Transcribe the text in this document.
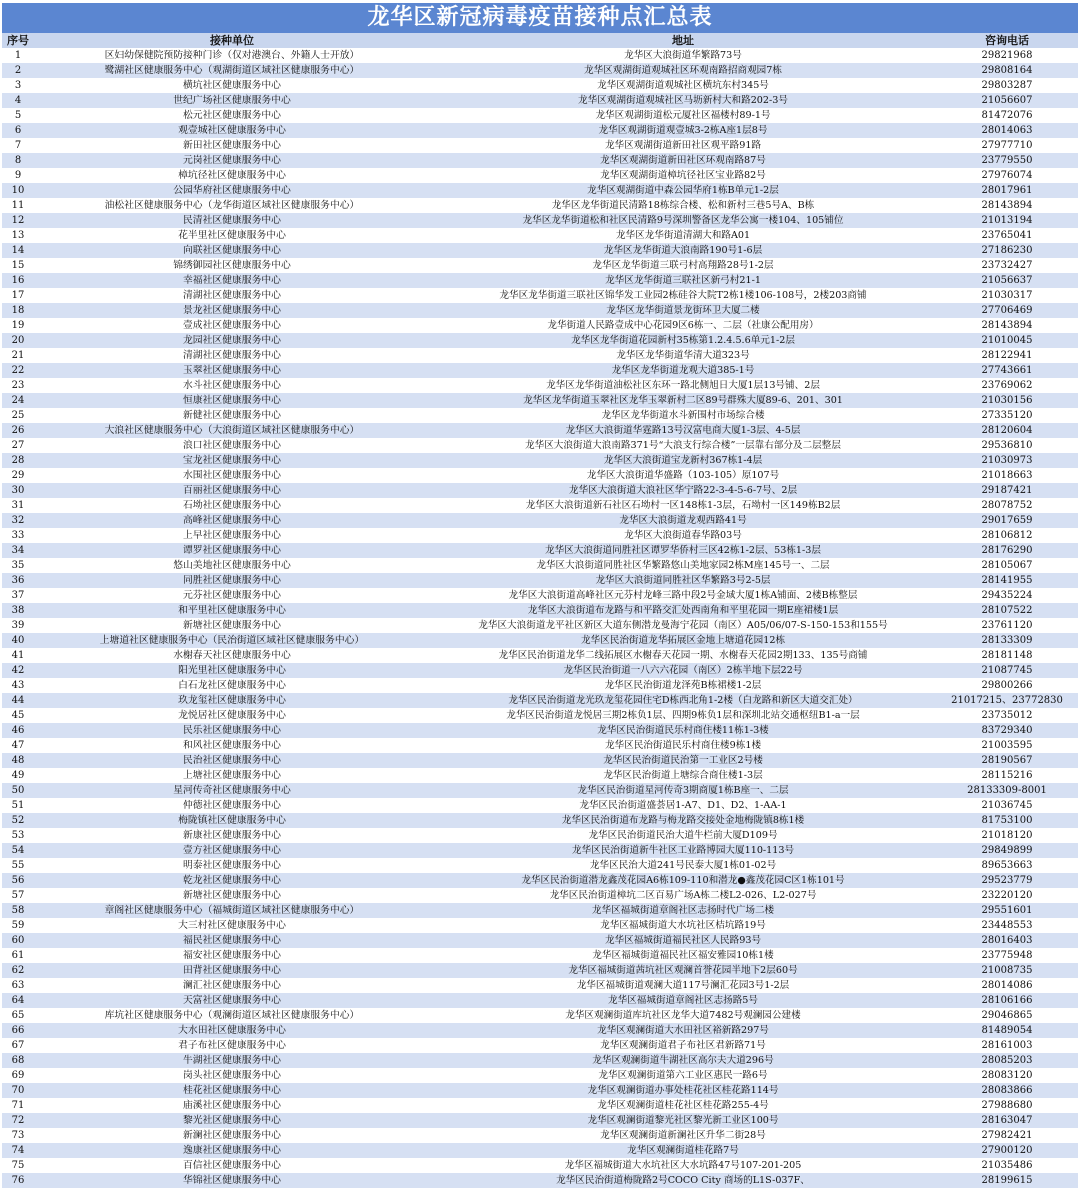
龙华区新冠病毒疫苗接种点汇总表
序号	接种单位	地址	咨询电话
1	区妇幼保健院预防接种门诊（仅对港澳台、外籍人士开放）	龙华区大浪街道华繁路73号	29821968
2	鹭湖社区健康服务中心（观湖街道区域社区健康服务中心）	龙华区观湖街道观城社区环观南路招商观园7栋	29808164
3	横坑社区健康服务中心	龙华区观湖街道观城社区横坑东村345号	29803287
4	世纪广场社区健康服务中心	龙华区观湖街道观城社区马坜新村大和路202-3号	21056607
5	松元社区健康服务中心	龙华区观湖街道松元厦社区福楼村89-1号	81472076
6	观壹城社区健康服务中心	龙华区观湖街道观壹城3-2栋A座1层8号	28014063
7	新田社区健康服务中心	龙华区观湖街道新田社区观平路91路	27977710
8	元岗社区健康服务中心	龙华区观湖街道新田社区环观南路87号	23779550
9	樟坑径社区健康服务中心	龙华区观湖街道樟坑径社区宝业路82号	27976074
10	公园华府社区健康服务中心	龙华区观湖街道中森公园华府1栋B单元1-2层	28017961
11	油松社区健康服务中心（龙华街道区域社区健康服务中心）	龙华区龙华街道民清路18栋综合楼、松和新村三巷5号A、B栋	28143894
12	民清社区健康服务中心	龙华区龙华街道松和社区民清路9号深圳警备区龙华公寓一楼104、105铺位	21013194
13	花半里社区健康服务中心	龙华区龙华街道清湖大和路A01	23765041
14	向联社区健康服务中心	龙华区龙华街道大浪南路190号1-6层	27186230
15	锦绣御园社区健康服务中心	龙华区龙华街道三联弓村高翔路28号1-2层	23732427
16	幸福社区健康服务中心	龙华区龙华街道三联社区新弓村21-1	21056637
17	清湖社区健康服务中心	龙华区龙华街道三联社区锦华发工业园2栋硅谷大院T2栋1楼106-108号，2楼203商铺	21030317
18	景龙社区健康服务中心	龙华区龙华街道景龙街环卫大厦二楼	27706469
19	壹成社区健康服务中心	龙华街道人民路壹成中心花园9区6栋一、二层（社康公配用房）	28143894
20	龙园社区健康服务中心	龙华区龙华街道花园新村35栋第1.2.4.5.6单元1-2层	21010045
21	清湖社区健康服务中心	龙华区龙华街道华清大道323号	28122941
22	玉翠社区健康服务中心	龙华区龙华街道龙观大道385-1号	27743661
23	水斗社区健康服务中心	龙华区龙华街道油松社区东环一路北侧旭日大厦1层13号铺、2层	23769062
24	恒康社区健康服务中心	龙华区龙华街道玉翠社区龙华玉翠新村二区89号群殊大厦89-6、201、301	21030156
25	新健社区健康服务中心	龙华区龙华街道水斗新围村市场综合楼	27335120
26	大浪社区健康服务中心（大浪街道区域社区健康服务中心）	龙华区大浪街道华霆路13号汉富电商大厦1-3层、4-5层	28120604
27	浪口社区健康服务中心	龙华区大浪街道大浪南路371号“大浪支行综合楼”一层靠右部分及二层整层	29536810
28	宝龙社区健康服务中心	龙华区大浪街道宝龙新村367栋1-4层	21030973
29	水围社区健康服务中心	龙华区大浪街道华盛路（103-105）原107号	21018663
30	百丽社区健康服务中心	龙华区大浪街道大浪社区华宁路22-3-4-5-6-7号、2层	29187421
31	石坳社区健康服务中心	龙华区大浪街道新石社区石坳村一区148栋1-3层，石坳村一区149栋B2层	28078752
32	高峰社区健康服务中心	龙华区大浪街道龙观西路41号	29017659
33	上早社区健康服务中心	龙华区大浪街道春华路03号	28106812
34	谭罗社区健康服务中心	龙华区大浪街道同胜社区谭罗华侨村三区42栋1-2层、53栋1-3层	28176290
35	悠山美地社区健康服务中心	龙华区大浪街道同胜社区华繁路悠山美地家园2栋M座145号一、二层	28105067
36	同胜社区健康服务中心	龙华区大浪街道同胜社区华繁路3号2-5层	28141955
37	元芬社区健康服务中心	龙华区大浪街道高峰社区元芬村龙峰三路中段2号金域大厦1栋A铺面、2楼B栋整层	29435224
38	和平里社区健康服务中心	龙华区大浪街道布龙路与和平路交汇处西南角和平里花园一期E座裙楼1层	28107522
39	新塘社区健康服务中心	龙华区大浪街道龙平社区新区大道东侧潜龙曼海宁花园（南区）A05/06/07-S-150-153和155号	23761120
40	上塘道社区健康服务中心（民治街道区域社区健康服务中心）	龙华区民治街道龙华拓展区金地上塘道花园12栋	28133309
41	水榭春天社区健康服务中心	龙华区民治街道龙华二线拓展区水榭春天花园一期、水榭春天花园2期133、135号商铺	28181148
42	阳光里社区健康服务中心	龙华区民治街道一八六六花园（南区）2栋半地下层22号	21087745
43	白石龙社区健康服务中心	龙华区民治街道龙泽苑B栋裙楼1-2层	29800266
44	玖龙玺社区健康服务中心	龙华区民治街道龙光玖龙玺花园住宅D栋西北角1-2楼（白龙路和新区大道交汇处）	21017215、23772830
45	龙悦居社区健康服务中心	龙华区民治街道龙悦居三期2栋负1层、四期9栋负1层和深圳北站交通枢纽B1-a一层	23735012
46	民乐社区健康服务中心	龙华区民治街道民乐村商住楼11栋1-3楼	83729340
47	和风社区健康服务中心	龙华区民治街道民乐村商住楼9栋1楼	21003595
48	民治社区健康服务中心	龙华区民治街道民治第一工业区2号楼	28190567
49	上塘社区健康服务中心	龙华区民治街道上塘综合商住楼1-3层	28115216
50	星河传奇社区健康服务中心	龙华区民治街道星河传奇3期商厦1栋B座一、二层	28133309-8001
51	仲德社区健康服务中心	龙华区民治街道盛荟居1-A7、D1、D2、1-AA-1	21036745
52	梅陇镇社区健康服务中心	龙华区民治街道布龙路与梅龙路交接处金地梅陇镇8栋1楼	81753100
53	新康社区健康服务中心	龙华区民治街道民治大道牛栏前大厦D109号	21018120
54	壹方社区健康服务中心	龙华区民治街道新牛社区工业路博园大厦110-113号	29849899
55	明泰社区健康服务中心	龙华区民治大道241号民泰大厦1栋01-02号	89653663
56	乾龙社区健康服务中心	龙华区民治街道潜龙鑫茂花园A6栋109-110和潜龙●鑫茂花园C区1栋101号	29523779
57	新塘社区健康服务中心	龙华区民治街道樟坑二区百易广场A栋二楼L2-026、L2-027号	23220120
58	章阁社区健康服务中心（福城街道区域社区健康服务中心）	龙华区福城街道章阁社区志扬时代广场二楼	29551601
59	大三村社区健康服务中心	龙华区福城街道大水坑社区桔坑路19号	23448553
60	福民社区健康服务中心	龙华区福城街道福民社区人民路93号	28016403
61	福安社区健康服务中心	龙华区福城街道福民社区福安雅园10栋1楼	23775948
62	田背社区健康服务中心	龙华区福城街道茜坑社区观澜首誉花园半地下2层60号	21008735
63	澜汇社区健康服务中心	龙华区福城街道观澜大道117号澜汇花园3号1-2层	28014086
64	天富社区健康服务中心	龙华区福城街道章阁社区志扬路5号	28106166
65	库坑社区健康服务中心（观澜街道区域社区健康服务中心）	龙华区观澜街道库坑社区龙华大道7482号观澜园公建楼	29046865
66	大水田社区健康服务中心	龙华区观澜街道大水田社区裕新路297号	81489054
67	君子布社区健康服务中心	龙华区观澜街道君子布社区君新路71号	28161003
68	牛湖社区健康服务中心	龙华区观澜街道牛湖社区高尔夫大道296号	28085203
69	岗头社区健康服务中心	龙华区观澜街道第六工业区惠民一路6号	28083120
70	桂花社区健康服务中心	龙华区观澜街道办事处桂花社区桂花路114号	28083866
71	庙溪社区健康服务中心	龙华区观澜街道桂花社区桂花路255-4号	27988680
72	黎光社区健康服务中心	龙华区观澜街道黎光社区黎光新工业区100号	28163047
73	新澜社区健康服务中心	龙华区观澜街道新澜社区升华二街28号	27982421
74	逸康社区健康服务中心	龙华区观澜街道桂花路7号	27900120
75	百信社区健康服务中心	龙华区福城街道大水坑社区大水坑路47号107-201-205	21035486
76	华锦社区健康服务中心	龙华区民治街道梅陇路2号COCO City 商场的L1S-037F、	28199615
